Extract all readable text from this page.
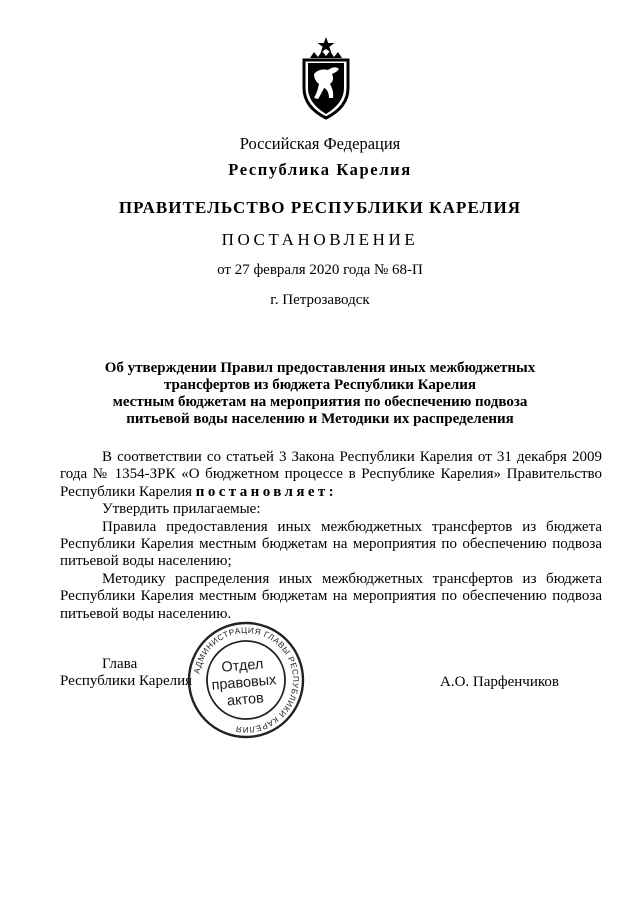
Российская Федерация
Республика Карелия
ПРАВИТЕЛЬСТВО РЕСПУБЛИКИ КАРЕЛИЯ
ПОСТАНОВЛЕНИЕ
от 27 февраля 2020 года № 68-П
г. Петрозаводск
Об утверждении Правил предоставления иных межбюджетных
трансфертов из бюджета Республики Карелия
местным бюджетам на мероприятия по обеспечению подвоза
питьевой воды населению и Методики их распределения

В соответствии со статьей 3 Закона Республики Карелия от 31 декабря 2009 года № 1354-ЗРК «О бюджетном процессе в Республике Карелия» Правительство Республики Карелия постановляет:

Утвердить прилагаемые:

Правила предоставления иных межбюджетных трансфертов из бюджета Республики Карелия местным бюджетам на мероприятия по обеспечению подвоза питьевой воды населению;

Методику распределения иных межбюджетных трансфертов из бюджета Республики Карелия местным бюджетам на мероприятия по обеспечению подвоза питьевой воды населению.

Глава
Республики Карелия
АДМИНИСТРАЦИЯ ГЛАВЫ РЕСПУБЛИКИ КАРЕЛИЯ
Отдел
правовых
актов
А.О. Парфенчиков
